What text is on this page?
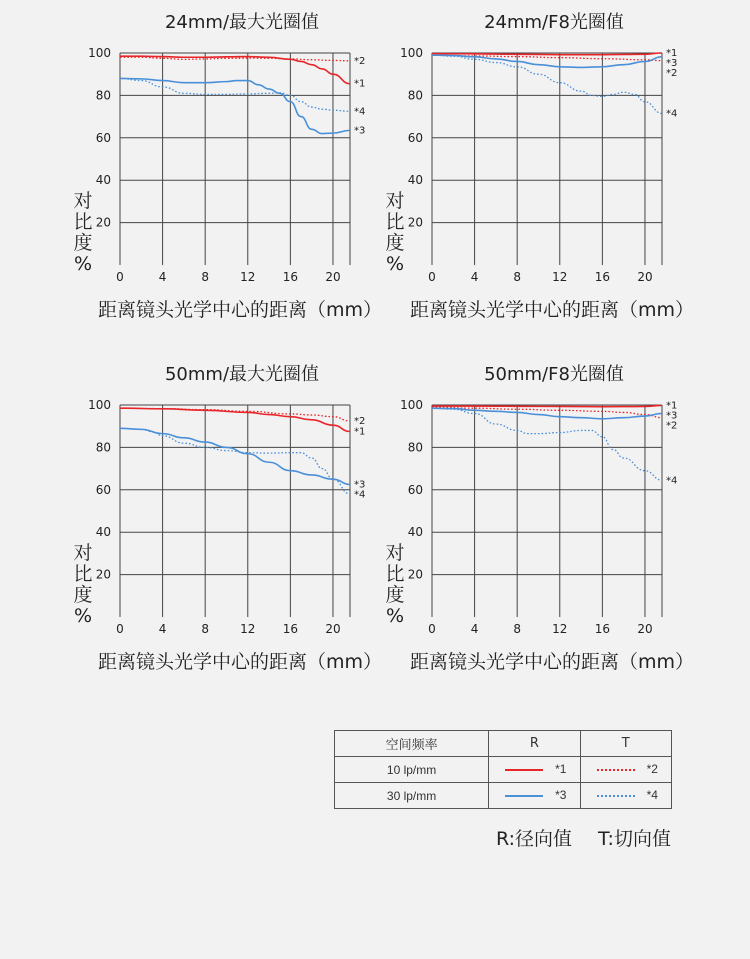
24mm/最大光圈值
0	4	8	12 16 20
20
40
60
80
100
对比度%
距离镜头光学中心的距离（mm）
*2
*1
*4
*3
24mm/F8光圈值
0	4	8	12 16 20
20
40
60
80
100
对比度%
距离镜头光学中心的距离（mm）
*1
*3
*2
*4
50mm/最大光圈值
0	4	8	12 16 20
20
40
60
80
100
对比度%
距离镜头光学中心的距离（mm）
*2
*1
*3
*4
50mm/F8光圈值
0	4	8	12 16 20
20
40
60
80
100
对比度%
距离镜头光学中心的距离（mm）
*1
*3
*2
*4
空间频率	R	T
10 lp/mm	*1	*2

30 lp/mm	*3	*4
R:径向值 T:切向值
